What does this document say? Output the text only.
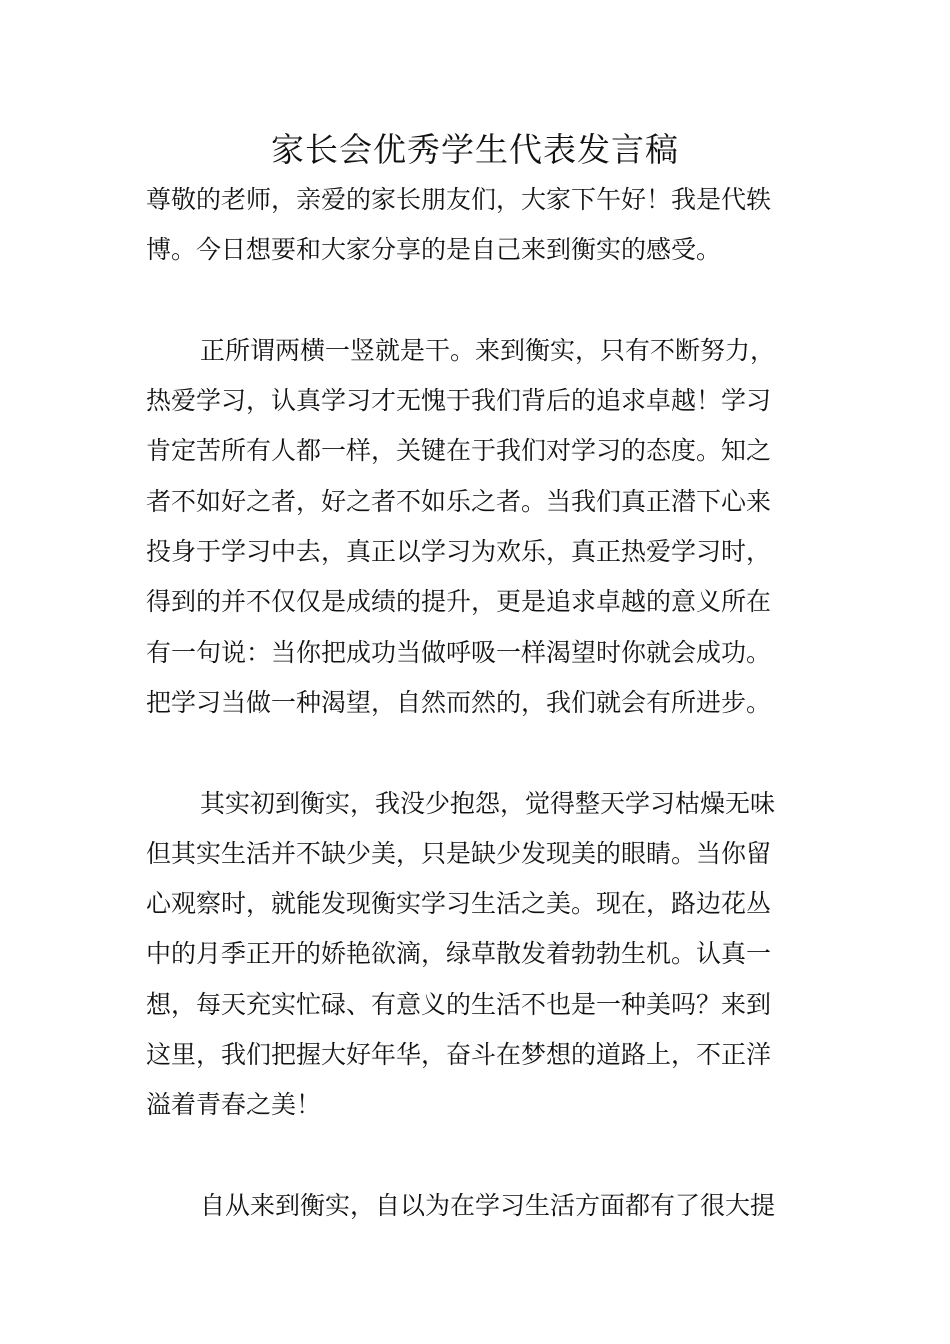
家长会优秀学生代表发言稿
尊敬的老师，亲爱的家长朋友们，大家下午好！我是代轶
博。今日想要和大家分享的是自己来到衡实的感受。
正所谓两横一竖就是干。来到衡实，只有不断努力，
热爱学习，认真学习才无愧于我们背后的追求卓越！学习
肯定苦所有人都一样，关键在于我们对学习的态度。知之
者不如好之者，好之者不如乐之者。当我们真正潜下心来
投身于学习中去，真正以学习为欢乐，真正热爱学习时，
得到的并不仅仅是成绩的提升，更是追求卓越的意义所在
有一句说：当你把成功当做呼吸一样渴望时你就会成功。
把学习当做一种渴望，自然而然的，我们就会有所进步。
其实初到衡实，我没少抱怨，觉得整天学习枯燥无味
但其实生活并不缺少美，只是缺少发现美的眼睛。当你留
心观察时，就能发现衡实学习生活之美。现在，路边花丛
中的月季正开的娇艳欲滴，绿草散发着勃勃生机。认真一
想，每天充实忙碌、有意义的生活不也是一种美吗？来到
这里，我们把握大好年华，奋斗在梦想的道路上，不正洋
溢着青春之美！
自从来到衡实，自以为在学习生活方面都有了很大提
